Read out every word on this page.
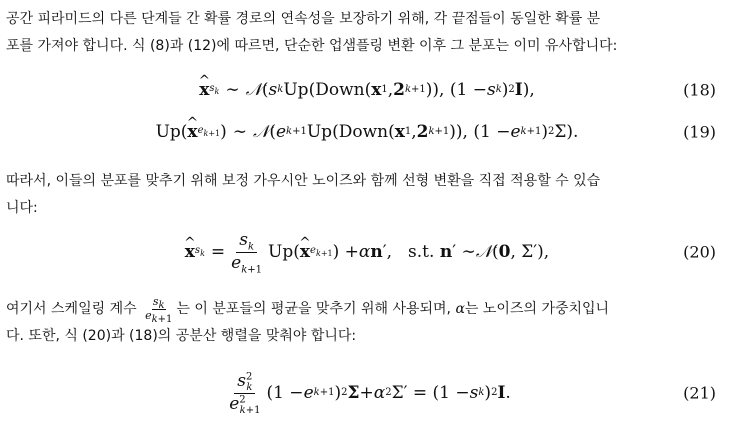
공간 피라미드의 다른 단계들 간 확률 경로의 연속성을 보장하기 위해, 각 끝점들이 동일한 확률 분
포를 가져야 합니다. 식 (8)과 (12)에 따르면, 단순한 업샘플링 변환 이후 그 분포는 이미 유사합니다:
^ x $s_k$ ∼ 𝒩 ( s k Up ( Down ( x 1 , 2 k+1 )), (1 − s k ) 2 I ),	(18)
Up ( ^ x $e_{k+1}$ )
∼ 𝒩 ( e k+1 Up ( Down ( x 1 , 2 k+1 )), (1 − e k+1 ) 2 Σ).	(19)
따라서, 이들의 분포를 맞추기 위해 보정 가우시안 노이즈와 함께 선형 변환을 직접 적용할 수 있습
니다:
^ x $s_k = \frac{s_k}{e_{k+1}}$ Up ( ^ x $e_{k+1}$ ) + α n ′, s.t.
n ′ ∼ 𝒩 ( 0 , Σ′),	(20)
여기서 스케일링 계수 $\frac{s_k}{e_{k+1}}$ 는 이 분포들의 평균을 맞추기 위해 사용되며, α는 노이즈의 가중치입니
다. 또한, 식 (20)과 (18)의 공분산 행렬을 맞춰야 합니다:
$\frac{s^2_k}{e^2_{k+1}} (1 - e$ k+1 ) 2 Σ + α 2 Σ′ = (1 − s k ) 2 I .	(21)
